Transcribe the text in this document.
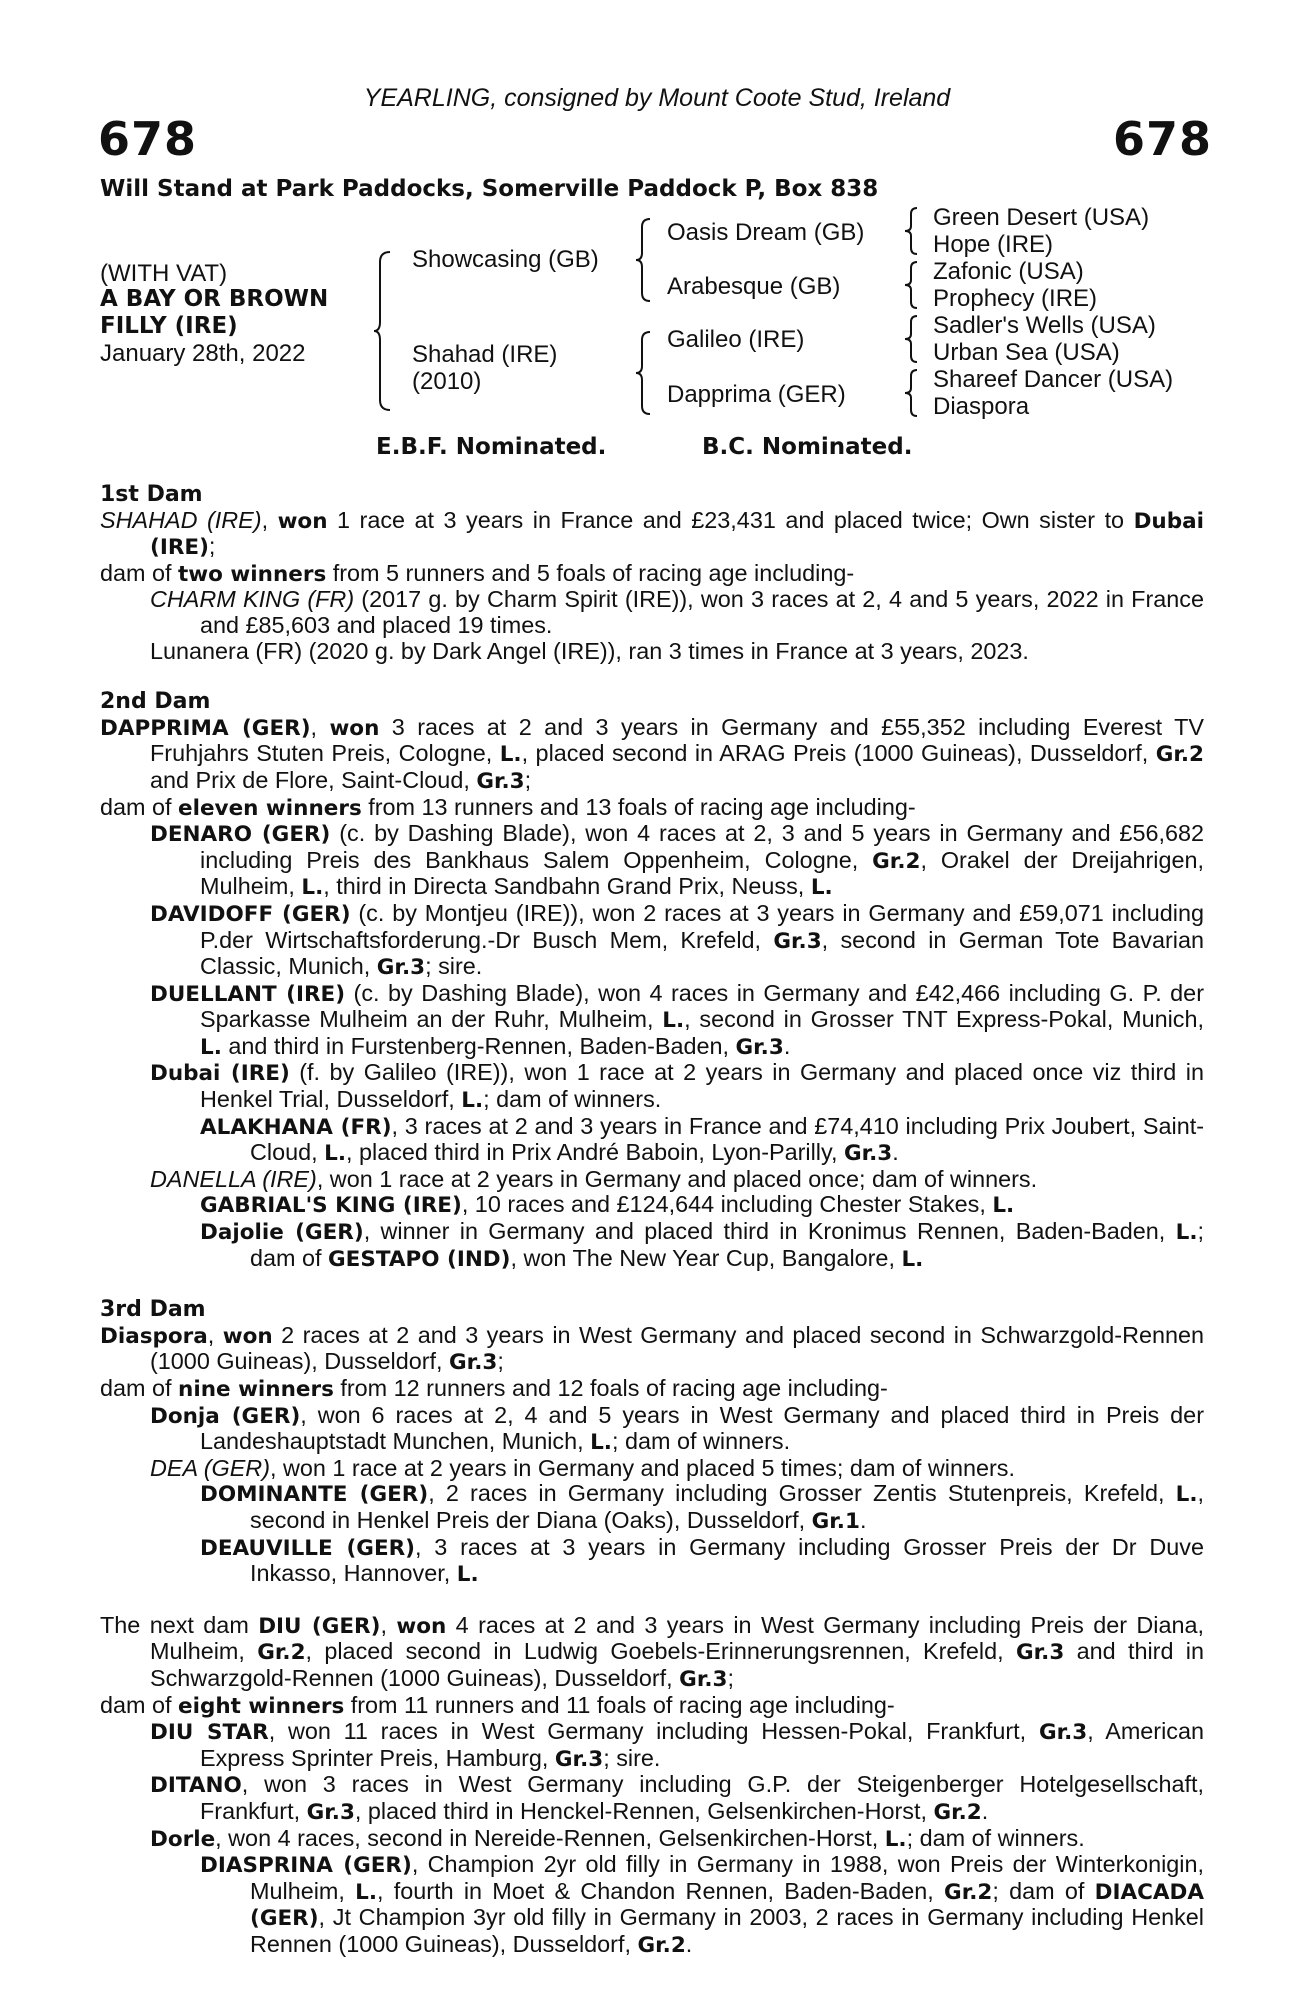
YEARLING, consigned by Mount Coote Stud, Ireland
678	678
Will Stand at Park Paddocks, Somerville Paddock P, Box 838
(WITH VAT)
A BAY OR BROWN
FILLY (IRE)
January 28th, 2022
Showcasing (GB)
Shahad (IRE)
(2010)
Oasis Dream (GB)
Arabesque (GB)
Galileo (IRE)
Dapprima (GER)
Green Desert (USA)
Hope (IRE)
Zafonic (USA)
Prophecy (IRE)
Sadler's Wells (USA)
Urban Sea (USA)
Shareef Dancer (USA)
Diaspora
E.B.F. Nominated.	B.C. Nominated.

1st Dam

SHAHAD (IRE), won 1 race at 3 years in France and £23,431 and placed twice; Own sister to Dubai (IRE);

dam of two winners from 5 runners and 5 foals of racing age including-

CHARM KING (FR) (2017 g. by Charm Spirit (IRE)), won 3 races at 2, 4 and 5 years, 2022 in France and £85,603 and placed 19 times.

Lunanera (FR) (2020 g. by Dark Angel (IRE)), ran 3 times in France at 3 years, 2023.

2nd Dam

DAPPRIMA (GER), won 3 races at 2 and 3 years in Germany and £55,352 including Everest TV Fruhjahrs Stuten Preis, Cologne, L., placed second in ARAG Preis (1000 Guineas), Dusseldorf, Gr.2 and Prix de Flore, Saint-Cloud, Gr.3;

dam of eleven winners from 13 runners and 13 foals of racing age including-

DENARO (GER) (c. by Dashing Blade), won 4 races at 2, 3 and 5 years in Germany and £56,682 including Preis des Bankhaus Salem Oppenheim, Cologne, Gr.2, Orakel der Dreijahrigen, Mulheim, L., third in Directa Sandbahn Grand Prix, Neuss, L.

DAVIDOFF (GER) (c. by Montjeu (IRE)), won 2 races at 3 years in Germany and £59,071 including P.der Wirtschaftsforderung.-Dr Busch Mem, Krefeld, Gr.3, second in German Tote Bavarian Classic, Munich, Gr.3; sire.

DUELLANT (IRE) (c. by Dashing Blade), won 4 races in Germany and £42,466 including G. P. der Sparkasse Mulheim an der Ruhr, Mulheim, L., second in Grosser TNT Express-Pokal, Munich, L. and third in Furstenberg-Rennen, Baden-Baden, Gr.3.

Dubai (IRE) (f. by Galileo (IRE)), won 1 race at 2 years in Germany and placed once viz third in Henkel Trial, Dusseldorf, L.; dam of winners.

ALAKHANA (FR), 3 races at 2 and 3 years in France and £74,410 including Prix Joubert, Saint-Cloud, L., placed third in Prix André Baboin, Lyon-Parilly, Gr.3.

DANELLA (IRE), won 1 race at 2 years in Germany and placed once; dam of winners.

GABRIAL'S KING (IRE), 10 races and £124,644 including Chester Stakes, L.

Dajolie (GER), winner in Germany and placed third in Kronimus Rennen, Baden-Baden, L.; dam of GESTAPO (IND), won The New Year Cup, Bangalore, L.

3rd Dam

Diaspora, won 2 races at 2 and 3 years in West Germany and placed second in Schwarzgold-Rennen (1000 Guineas), Dusseldorf, Gr.3;

dam of nine winners from 12 runners and 12 foals of racing age including-

Donja (GER), won 6 races at 2, 4 and 5 years in West Germany and placed third in Preis der Landeshauptstadt Munchen, Munich, L.; dam of winners.

DEA (GER), won 1 race at 2 years in Germany and placed 5 times; dam of winners.

DOMINANTE (GER), 2 races in Germany including Grosser Zentis Stutenpreis, Krefeld, L., second in Henkel Preis der Diana (Oaks), Dusseldorf, Gr.1.

DEAUVILLE (GER), 3 races at 3 years in Germany including Grosser Preis der Dr Duve Inkasso, Hannover, L.

The next dam DIU (GER), won 4 races at 2 and 3 years in West Germany including Preis der Diana, Mulheim, Gr.2, placed second in Ludwig Goebels-Erinnerungsrennen, Krefeld, Gr.3 and third in Schwarzgold-Rennen (1000 Guineas), Dusseldorf, Gr.3;

dam of eight winners from 11 runners and 11 foals of racing age including-

DIU STAR, won 11 races in West Germany including Hessen-Pokal, Frankfurt, Gr.3, American Express Sprinter Preis, Hamburg, Gr.3; sire.

DITANO, won 3 races in West Germany including G.P. der Steigenberger Hotelgesellschaft, Frankfurt, Gr.3, placed third in Henckel-Rennen, Gelsenkirchen-Horst, Gr.2.

Dorle, won 4 races, second in Nereide-Rennen, Gelsenkirchen-Horst, L.; dam of winners.

DIASPRINA (GER), Champion 2yr old filly in Germany in 1988, won Preis der Winterkonigin, Mulheim, L., fourth in Moet & Chandon Rennen, Baden-Baden, Gr.2; dam of DIACADA (GER), Jt Champion 3yr old filly in Germany in 2003, 2 races in Germany including Henkel Rennen (1000 Guineas), Dusseldorf, Gr.2.
